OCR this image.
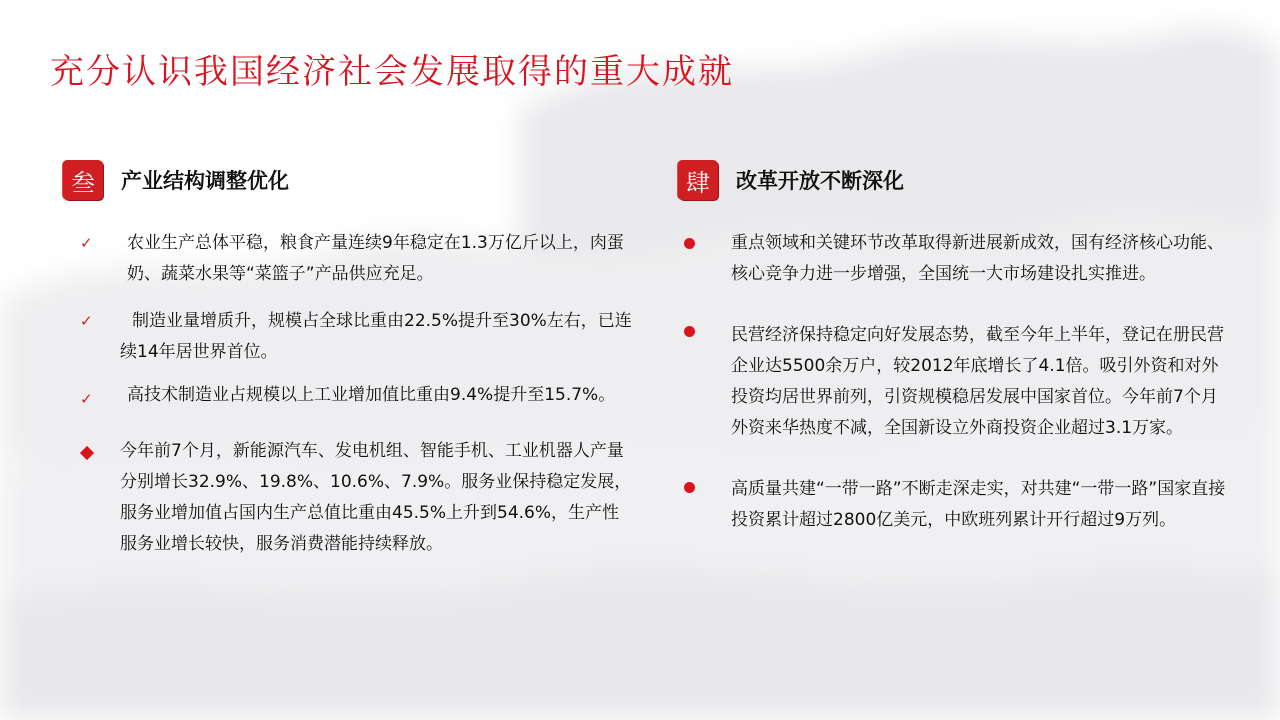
充分认识我国经济社会发展取得的重大成就
叁	产业结构调整优化
✓ 农业生产总体平稳，粮食产量连续9年稳定在1.3万亿斤以上，肉蛋奶、蔬菜水果等“菜篮子”产品供应充足。
✓	制造业量增质升，规模占全球比重由22.5%提升至30%左右，已连续14年居世界首位。
✓ 高技术制造业占规模以上工业增加值比重由9.4%提升至15.7%。
今年前7个月，新能源汽车、发电机组、智能手机、工业机器人产量分别增长32.9%、19.8%、10.6%、7.9%。服务业保持稳定发展，服务业增加值占国内生产总值比重由45.5%上升到54.6%，生产性服务业增长较快，服务消费潜能持续释放。
肆	改革开放不断深化
重点领域和关键环节改革取得新进展新成效，国有经济核心功能、核心竞争力进一步增强，全国统一大市场建设扎实推进。
民营经济保持稳定向好发展态势，截至今年上半年，登记在册民营企业达5500余万户，较2012年底增长了4.1倍。吸引外资和对外投资均居世界前列，引资规模稳居发展中国家首位。今年前7个月外资来华热度不减，全国新设立外商投资企业超过3.1万家。
高质量共建“一带一路”不断走深走实，对共建“一带一路”国家直接投资累计超过2800亿美元，中欧班列累计开行超过9万列。
